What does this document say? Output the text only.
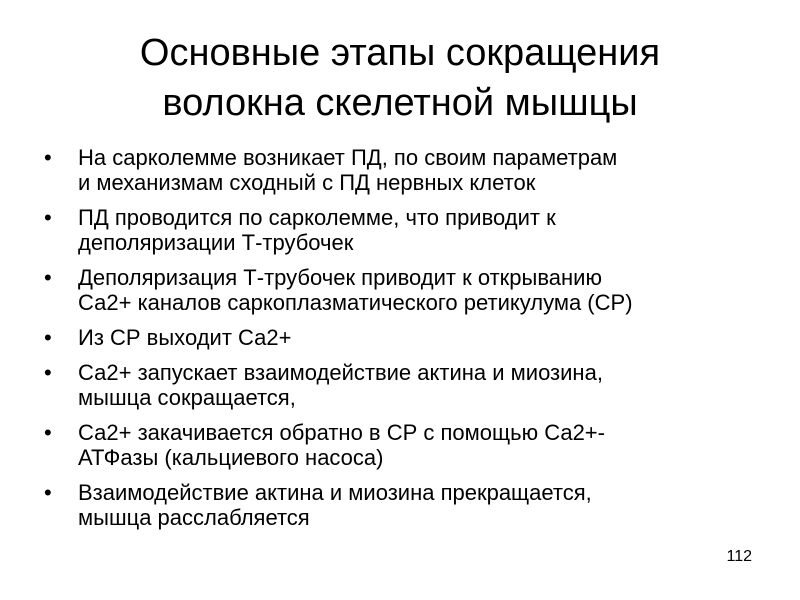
Основные этапы сокращения
волокна скелетной мышцы
•	На сарколемме возникает ПД, по своим параметрам
и механизмам сходный с ПД нервных клеток
•	ПД проводится по сарколемме, что приводит к
деполяризации Т-трубочек
•	Деполяризация Т-трубочек приводит к открыванию
Са2+ каналов саркоплазматического ретикулума (СР)
•	Из СР выходит Са2+
•	Са2+ запускает взаимодействие актина и миозина,
мышца сокращается,
•	Са2+ закачивается обратно в СР с помощью Са2+-
АТФазы (кальциевого насоса)
•	Взаимодействие актина и миозина прекращается,
мышца расслабляется
112
